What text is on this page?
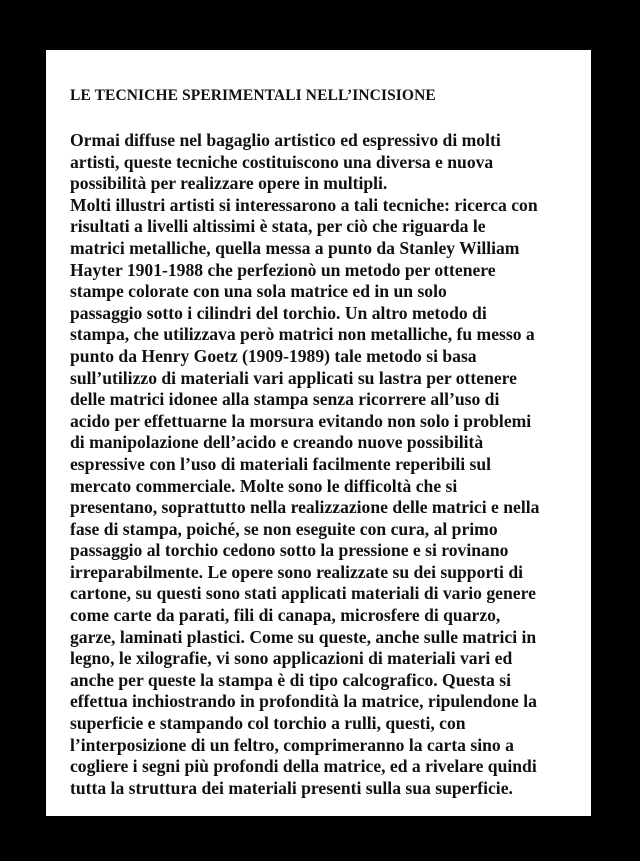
LE TECNICHE SPERIMENTALI NELL’INCISIONE

Ormai diffuse nel bagaglio artistico ed espressivo di molti
artisti, queste tecniche costituiscono una diversa e nuova
possibilità per realizzare opere in multipli.
Molti illustri artisti si interessarono a tali tecniche: ricerca con
risultati a livelli altissimi è stata, per ciò che riguarda le
matrici metalliche, quella messa a punto da Stanley William
Hayter 1901-1988 che perfezionò un metodo per ottenere
stampe colorate con una sola matrice ed in un solo
passaggio sotto i cilindri del torchio. Un altro metodo di
stampa, che utilizzava però matrici non metalliche, fu messo a
punto da Henry Goetz (1909-1989) tale metodo si basa
sull’utilizzo di materiali vari applicati su lastra per ottenere
delle matrici idonee alla stampa senza ricorrere all’uso di
acido per effettuarne la morsura evitando non solo i problemi
di manipolazione dell’acido e creando nuove possibilità
espressive con l’uso di materiali facilmente reperibili sul
mercato commerciale. Molte sono le difficoltà che si
presentano, soprattutto nella realizzazione delle matrici e nella
fase di stampa, poiché, se non eseguite con cura, al primo
passaggio al torchio cedono sotto la pressione e si rovinano
irreparabilmente. Le opere sono realizzate su dei supporti di
cartone, su questi sono stati applicati materiali di vario genere
come carte da parati, fili di canapa, microsfere di quarzo,
garze, laminati plastici. Come su queste, anche sulle matrici in
legno, le xilografie, vi sono applicazioni di materiali vari ed
anche per queste la stampa è di tipo calcografico. Questa si
effettua inchiostrando in profondità la matrice, ripulendone la
superficie e stampando col torchio a rulli, questi, con
l’interposizione di un feltro, comprimeranno la carta sino a
cogliere i segni più profondi della matrice, ed a rivelare quindi
tutta la struttura dei materiali presenti sulla sua superficie.
